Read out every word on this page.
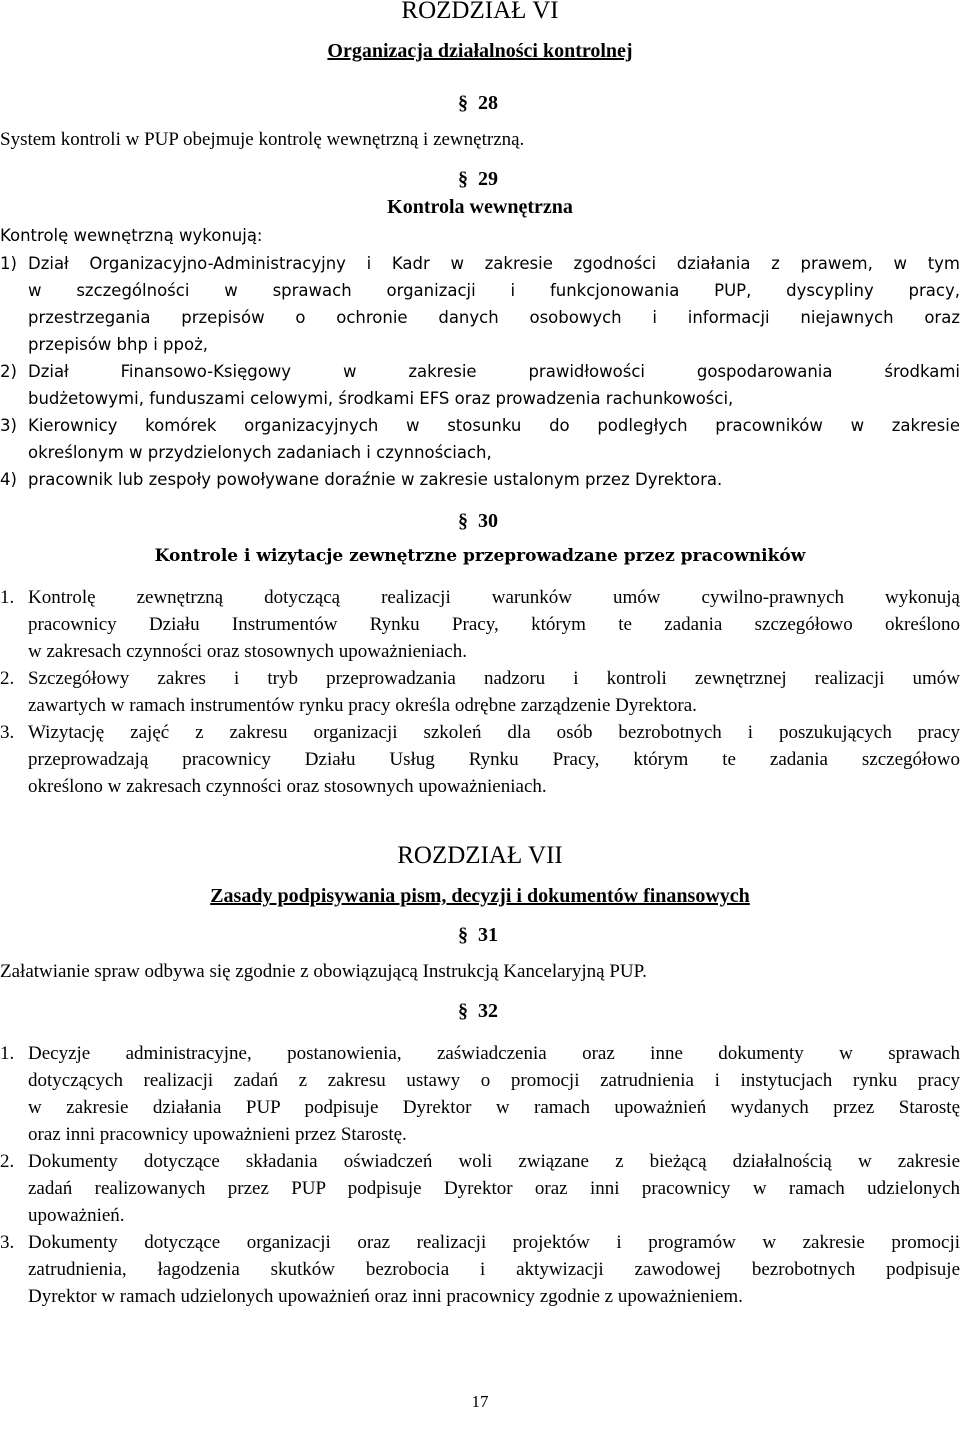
ROZDZIAŁ VI
Organizacja działalności kontrolnej
§ 28
System kontroli w PUP obejmuje kontrolę wewnętrzną i zewnętrzną.
§ 29
Kontrola wewnętrzna
Kontrolę wewnętrzną wykonują:
1) Dział Organizacyjno-Administracyjny i Kadr w zakresie zgodności działania z prawem, w tym
w szczególności w sprawach organizacji i funkcjonowania PUP, dyscypliny pracy,
przestrzegania przepisów o ochronie danych osobowych i informacji niejawnych oraz
przepisów bhp i ppoż,
2) Dział Finansowo-Księgowy w zakresie prawidłowości gospodarowania środkami
budżetowymi, funduszami celowymi, środkami EFS oraz prowadzenia rachunkowości,
3) Kierownicy komórek organizacyjnych w stosunku do podległych pracowników w zakresie
określonym w przydzielonych zadaniach i czynnościach,
4) pracownik lub zespoły powoływane doraźnie w zakresie ustalonym przez Dyrektora.
§ 30
Kontrole i wizytacje zewnętrzne przeprowadzane przez pracowników
1. Kontrolę zewnętrzną dotyczącą realizacji warunków umów cywilno-prawnych wykonują
pracownicy Działu Instrumentów Rynku Pracy, którym te zadania szczegółowo określono
w zakresach czynności oraz stosownych upoważnieniach.
2. Szczegółowy zakres i tryb przeprowadzania nadzoru i kontroli zewnętrznej realizacji umów
zawartych w ramach instrumentów rynku pracy określa odrębne zarządzenie Dyrektora.
3. Wizytację zajęć z zakresu organizacji szkoleń dla osób bezrobotnych i poszukujących pracy
przeprowadzają pracownicy Działu Usług Rynku Pracy, którym te zadania szczegółowo
określono w zakresach czynności oraz stosownych upoważnieniach.
ROZDZIAŁ VII
Zasady podpisywania pism, decyzji i dokumentów finansowych
§ 31
Załatwianie spraw odbywa się zgodnie z obowiązującą Instrukcją Kancelaryjną PUP.
§ 32
1. Decyzje administracyjne, postanowienia, zaświadczenia oraz inne dokumenty w sprawach
dotyczących realizacji zadań z zakresu ustawy o promocji zatrudnienia i instytucjach rynku pracy
w zakresie działania PUP podpisuje Dyrektor w ramach upoważnień wydanych przez Starostę
oraz inni pracownicy upoważnieni przez Starostę.
2. Dokumenty dotyczące składania oświadczeń woli związane z bieżącą działalnością w zakresie
zadań realizowanych przez PUP podpisuje Dyrektor oraz inni pracownicy w ramach udzielonych
upoważnień.
3. Dokumenty dotyczące organizacji oraz realizacji projektów i programów w zakresie promocji
zatrudnienia, łagodzenia skutków bezrobocia i aktywizacji zawodowej bezrobotnych podpisuje
Dyrektor w ramach udzielonych upoważnień oraz inni pracownicy zgodnie z upoważnieniem.
17
